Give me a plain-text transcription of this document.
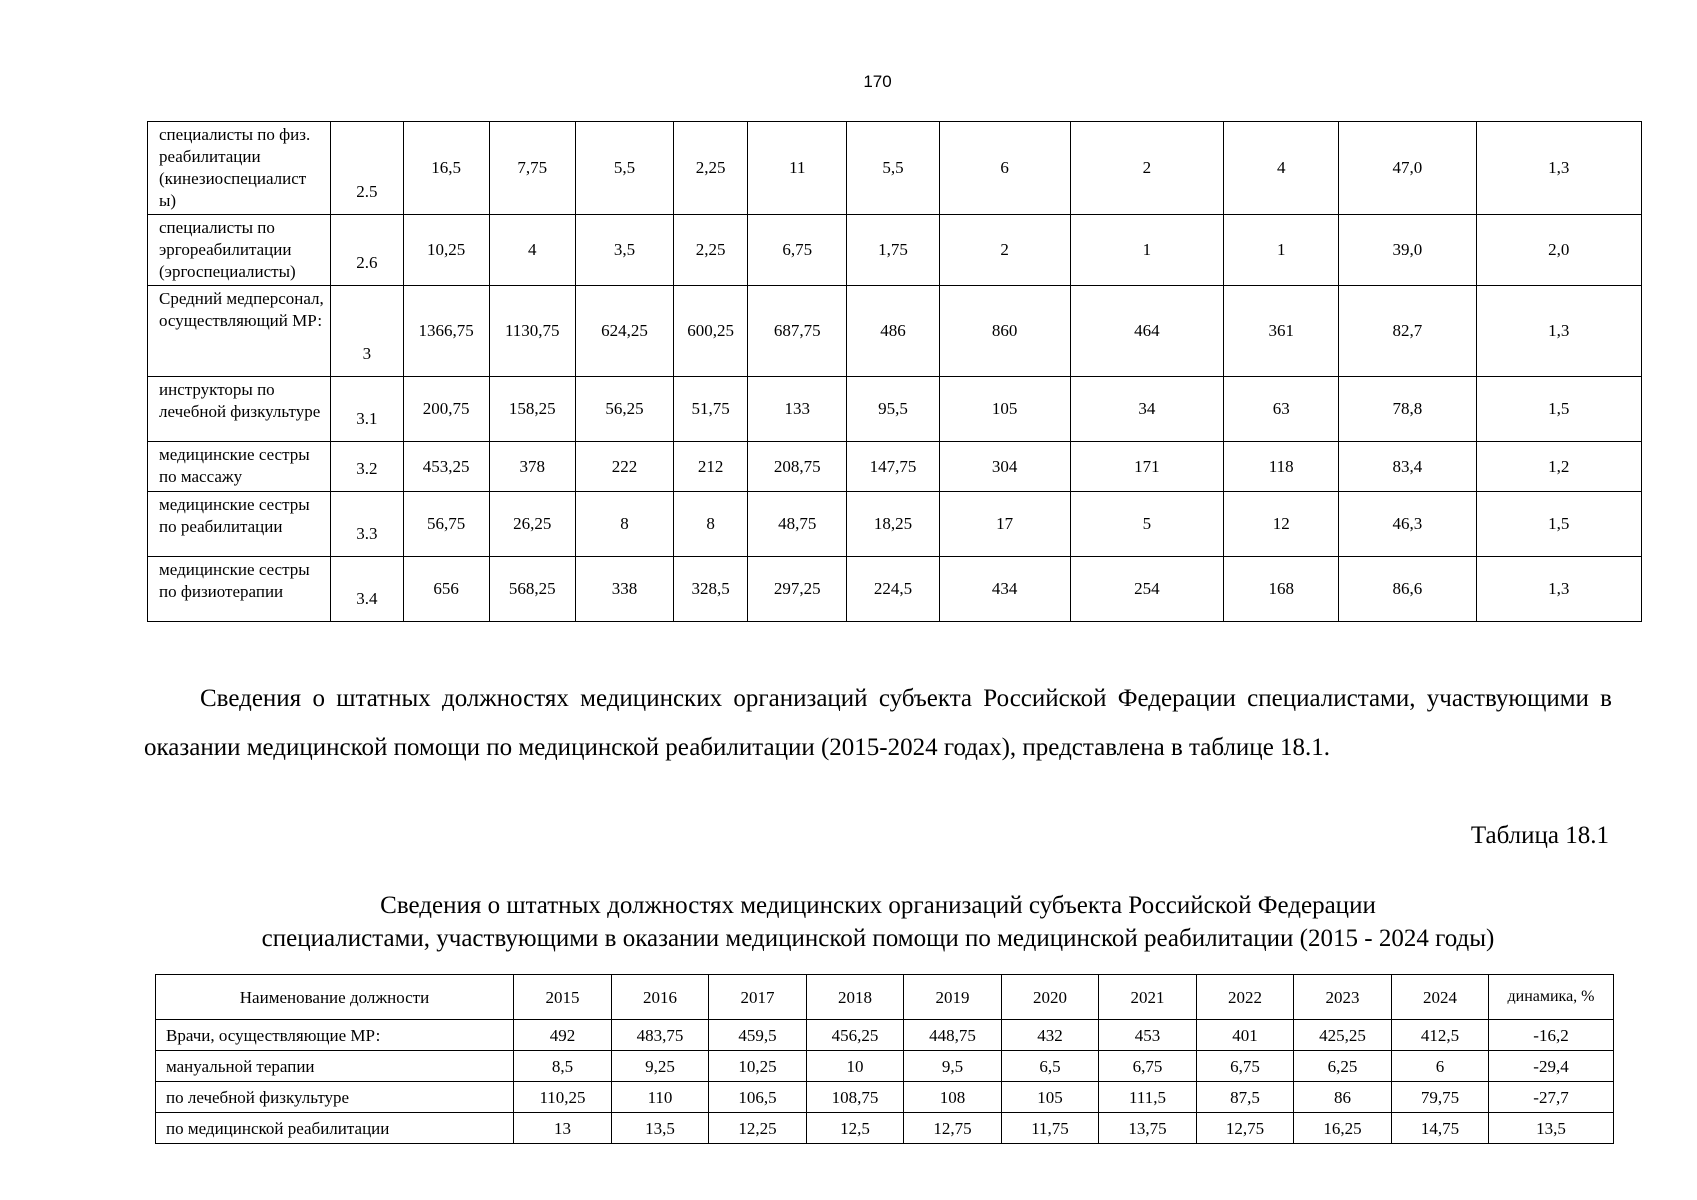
170
специалисты по физ. реабилитации (кинезиоспециалист ы)	2.5	16,5	7,75	5,5	2,25	11	5,5	6	2	4	47,0	1,3
специалисты по эргореабилитации (эргоспециалисты)	2.6	10,25	4	3,5	2,25	6,75	1,75	2	1	1	39,0	2,0
Средний медперсонал, осуществляющий МР:	3	1366,75	1130,75	624,25	600,25	687,75	486	860	464	361	82,7	1,3
инструкторы по лечебной физкультуре	3.1	200,75	158,25	56,25	51,75	133	95,5	105	34	63	78,8	1,5
медицинские сестры по массажу	3.2	453,25	378	222	212	208,75	147,75	304	171	118	83,4	1,2
медицинские сестры по реабилитации	3.3	56,75	26,25	8	8	48,75	18,25	17	5	12	46,3	1,5
медицинские сестры по физиотерапии	3.4	656	568,25	338	328,5	297,25	224,5	434	254	168	86,6	1,3

Сведения о штатных должностях медицинских организаций субъекта Российской Федерации специалистами, участвующими в оказании медицинской помощи по медицинской реабилитации (2015-2024 годах), представлена в таблице 18.1.

Таблица 18.1
Сведения о штатных должностях медицинских организаций субъекта Российской Федерации
специалистами, участвующими в оказании медицинской помощи по медицинской реабилитации (2015 - 2024 годы)
Наименование должности	2015	2016	2017	2018	2019	2020	2021	2022	2023	2024	динамика, %
Врачи, осуществляющие МР:	492	483,75	459,5	456,25	448,75	432	453	401	425,25	412,5	-16,2
мануальной терапии	8,5	9,25	10,25	10	9,5	6,5	6,75	6,75	6,25	6	-29,4
по лечебной физкультуре	110,25	110	106,5	108,75	108	105	111,5	87,5	86	79,75	-27,7
по медицинской реабилитации	13	13,5	12,25	12,5	12,75	11,75	13,75	12,75	16,25	14,75	13,5
